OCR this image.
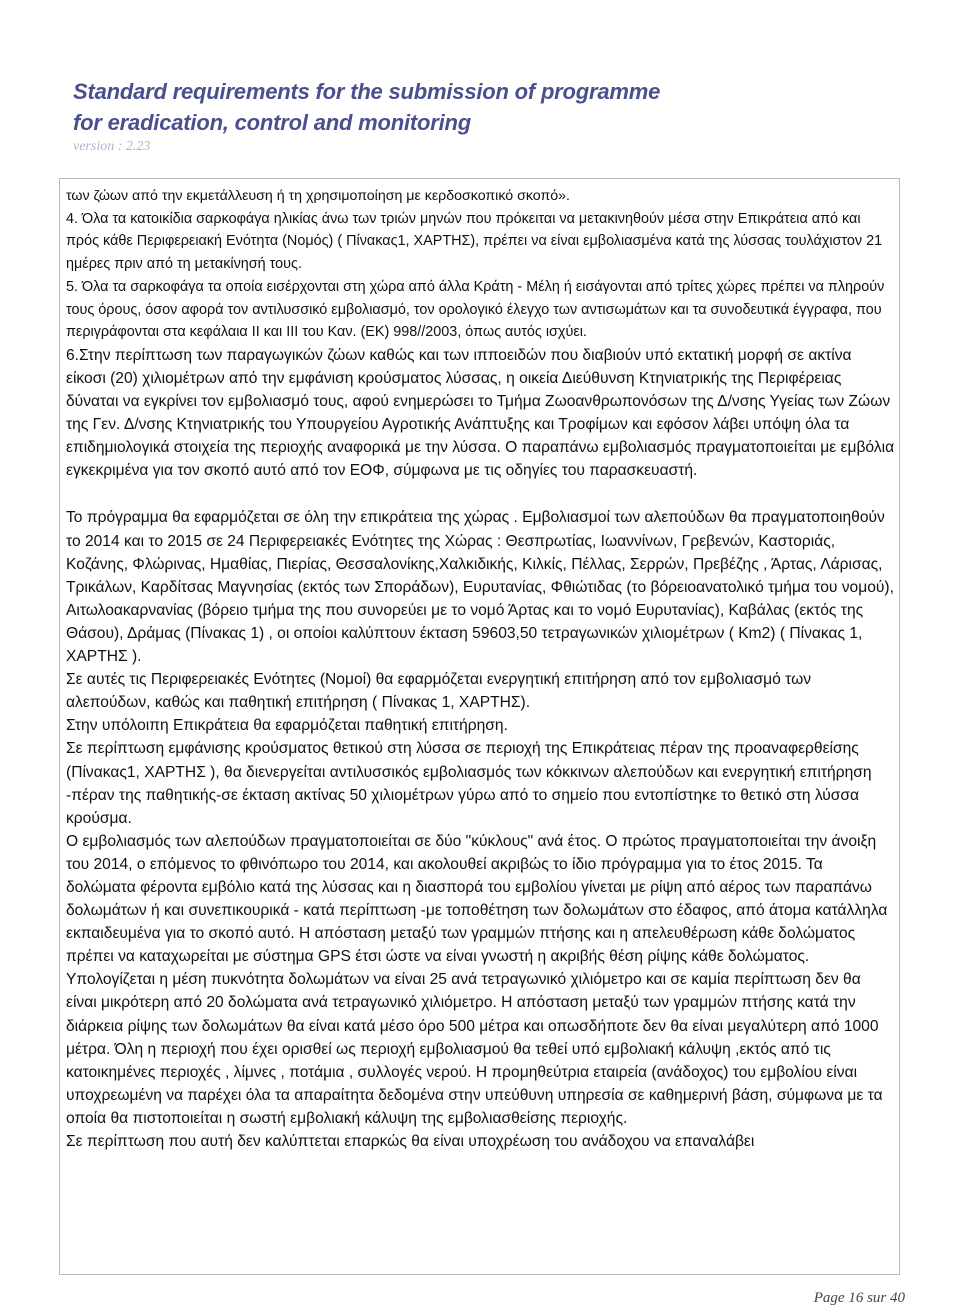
Standard requirements for the submission of programme

for eradication, control and monitoring

version : 2.23

των ζώων από την εκμετάλλευση ή τη χρησιμοποίηση με κερδοσκοπικό σκοπό».

4. Όλα τα κατοικίδια σαρκοφάγα ηλικίας άνω των τριών μηνών που πρόκειται να μετακινηθούν μέσα στην Επικράτεια από και πρός κάθε Περιφερειακή Ενότητα (Νομός) ( Πίνακας1, ΧΑΡΤΗΣ), πρέπει να είναι εμβολιασμένα κατά της λύσσας τουλάχιστον 21 ημέρες πριν από τη μετακίνησή τους.

5. Όλα τα σαρκοφάγα τα οποία εισέρχονται στη χώρα από άλλα Κράτη - Μέλη ή εισάγονται από τρίτες χώρες πρέπει να πληρούν τους όρους, όσον αφορά τον αντιλυσσικό εμβολιασμό, τον ορολογικό έλεγχο των αντισωμάτων και τα συνοδευτικά έγγραφα, που περιγράφονται στα κεφάλαια ΙΙ και ΙΙΙ του Καν. (ΕΚ) 998//2003, όπως αυτός ισχύει.

6.Στην περίπτωση των παραγωγικών ζώων καθώς και των ιπποειδών που διαβιούν υπό εκτατική μορφή σε ακτίνα είκοσι (20) χιλιομέτρων από την εμφάνιση κρούσματος λύσσας, η οικεία Διεύθυνση Κτηνιατρικής της Περιφέρειας δύναται να εγκρίνει τον εμβολιασμό τους, αφού ενημερώσει το Τμήμα Ζωοανθρωπονόσων της Δ/νσης Υγείας των Ζώων της Γεν. Δ/νσης Κτηνιατρικής του Υπουργείου Αγροτικής Ανάπτυξης και Τροφίμων και εφόσον λάβει υπόψη όλα τα επιδημιολογικά στοιχεία της περιοχής αναφορικά με την λύσσα. Ο παραπάνω εμβολιασμός πραγματοποιείται με εμβόλια εγκεκριμένα για τον σκοπό αυτό από τον ΕΟΦ, σύμφωνα με τις οδηγίες του παρασκευαστή.

Το πρόγραμμα θα εφαρμόζεται σε όλη την επικράτεια της χώρας . Εμβολιασμοί των αλεπούδων θα πραγματοποιηθούν το 2014 και το 2015 σε 24 Περιφερειακές Ενότητες της Χώρας : Θεσπρωτίας, Ιωαννίνων, Γρεβενών, Καστοριάς, Κοζάνης, Φλώρινας, Ημαθίας, Πιερίας, Θεσσαλονίκης,Χαλκιδικής, Κιλκίς, Πέλλας, Σερρών, Πρεβέζης , Άρτας, Λάρισας, Τρικάλων, Καρδίτσας Μαγνησίας (εκτός των Σποράδων), Ευρυτανίας, Φθιώτιδας (το βόρειοανατολικό τμήμα του νομού), Αιτωλοακαρνανίας (βόρειο τμήμα της που συνορεύει με το νομό Άρτας και το νομό Ευρυτανίας), Καβάλας (εκτός της Θάσου), Δράμας (Πίνακας 1) , οι οποίοι καλύπτουν έκταση 59603,50 τετραγωνικών χιλιομέτρων ( Km2) ( Πίνακας 1, ΧΑΡΤΗΣ ).

Σε αυτές τις Περιφερειακές Ενότητες (Νομοί) θα εφαρμόζεται ενεργητική επιτήρηση από τον εμβολιασμό των αλεπούδων, καθώς και παθητική επιτήρηση ( Πίνακας 1, ΧΑΡΤΗΣ).

Στην υπόλοιπη Επικράτεια θα εφαρμόζεται παθητική επιτήρηση.

Σε περίπτωση εμφάνισης κρούσματος θετικού στη λύσσα σε περιοχή της Επικράτειας πέραν της προαναφερθείσης (Πίνακας1, ΧΑΡΤΗΣ ), θα διενεργείται αντιλυσσικός εμβολιασμός των κόκκινων αλεπούδων και ενεργητική επιτήρηση -πέραν της παθητικής-σε έκταση ακτίνας 50 χιλιομέτρων γύρω από το σημείο που εντοπίστηκε το θετικό στη λύσσα κρούσμα.

Ο εμβολιασμός των αλεπούδων πραγματοποιείται σε δύο "κύκλους" ανά έτος. Ο πρώτος πραγματοποιείται την άνοιξη του 2014, ο επόμενος το φθινόπωρο του 2014, και ακολουθεί ακριβώς το ίδιο πρόγραμμα για το έτος 2015. Τα δολώματα φέροντα εμβόλιο κατά της λύσσας και η διασπορά του εμβολίου γίνεται με ρίψη από αέρος των παραπάνω δολωμάτων ή και συνεπικουρικά - κατά περίπτωση -με τοποθέτηση των δολωμάτων στο έδαφος, από άτομα κατάλληλα εκπαιδευμένα για το σκοπό αυτό. Η απόσταση μεταξύ των γραμμών πτήσης και η απελευθέρωση κάθε δολώματος πρέπει να καταχωρείται με σύστημα GPS έτσι ώστε να είναι γνωστή η ακριβής θέση ρίψης κάθε δολώματος. Υπολογίζεται η μέση πυκνότητα δολωμάτων να είναι 25 ανά τετραγωνικό χιλιόμετρο και σε καμία περίπτωση δεν θα είναι μικρότερη από 20 δολώματα ανά τετραγωνικό χιλιόμετρο. Η απόσταση μεταξύ των γραμμών πτήσης κατά την διάρκεια ρίψης των δολωμάτων θα είναι κατά μέσο όρο 500 μέτρα και οπωσδήποτε δεν θα είναι μεγαλύτερη από 1000 μέτρα. Όλη η περιοχή που έχει ορισθεί ως περιοχή εμβολιασμού θα τεθεί υπό εμβολιακή κάλυψη ,εκτός από τις κατοικημένες περιοχές , λίμνες , ποτάμια , συλλογές νερού. Η προμηθεύτρια εταιρεία (ανάδοχος) του εμβολίου είναι υποχρεωμένη να παρέχει όλα τα απαραίτητα δεδομένα στην υπεύθυνη υπηρεσία σε καθημερινή βάση, σύμφωνα με τα οποία θα πιστοποιείται η σωστή εμβολιακή κάλυψη της εμβολιασθείσης περιοχής.

Σε περίπτωση που αυτή δεν καλύπτεται επαρκώς θα είναι υποχρέωση του ανάδοχου να επαναλάβει

Page 16 sur 40
